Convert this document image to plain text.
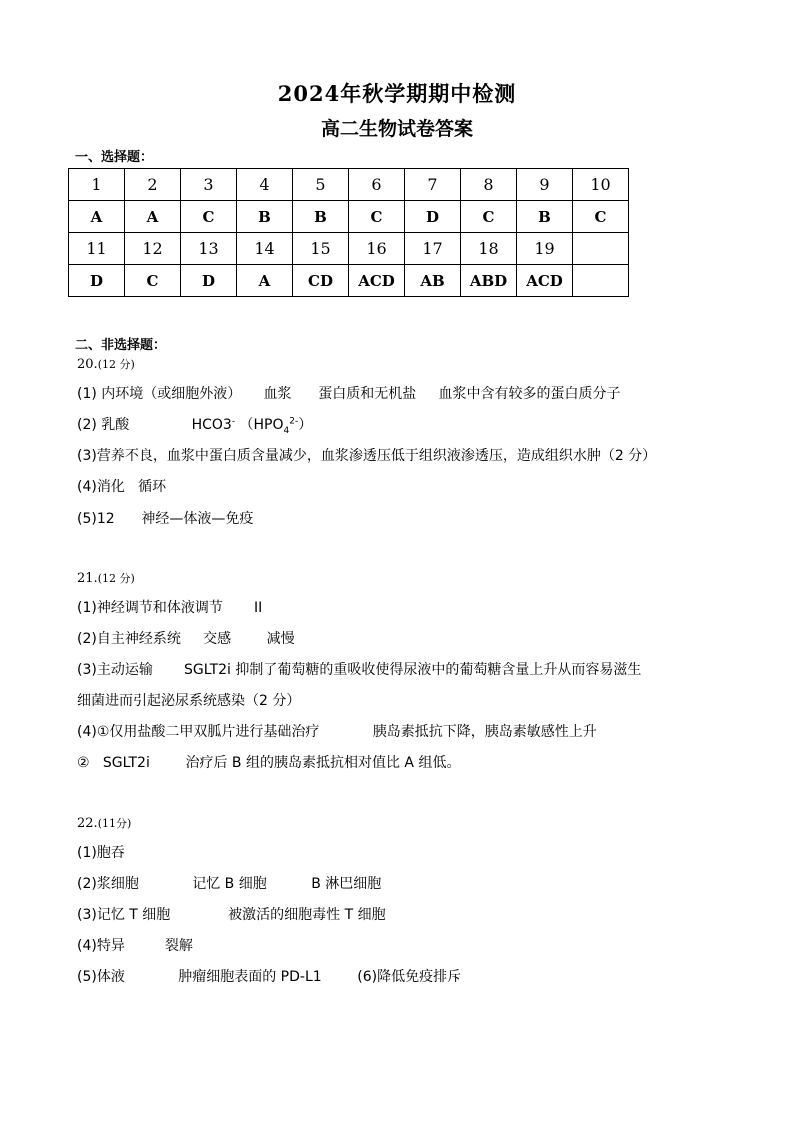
2024年秋学期期中检测
高二生物试卷答案
一、选择题：
1	2	3	4	5	6	7	8	9	10
A	A	C	B	B	C	D	C	B	C
11	12	13	14	15	16	17	18	19	
D	C	D	A	CD	ACD	AB	ABD	ACD	
二、非选择题：
20.(12 分)
(1) 内环境（或细胞外液）     血浆      蛋白质和无机盐     血浆中含有较多的蛋白质分子
(2) 乳酸              HCO3- $(HPO_4^{2-})$
(3)营养不良，血浆中蛋白质含量减少，血浆渗透压低于组织液渗透压，造成组织水肿（2 分）
(4)消化   循环
(5)12      神经—体液—免疫
21.(12 分)
(1)神经调节和体液调节       II
(2)自主神经系统     交感        减慢
(3)主动运输       SGLT2i 抑制了葡萄糖的重吸收使得尿液中的葡萄糖含量上升从而容易滋生
细菌进而引起泌尿系统感染（2 分）
(4)①仅用盐酸二甲双胍片进行基础治疗            胰岛素抵抗下降，胰岛素敏感性上升
②   SGLT2i        治疗后 B 组的胰岛素抵抗相对值比 A 组低。
22.(11分)
(1)胞吞
(2)浆细胞            记忆 B 细胞          B 淋巴细胞
(3)记忆 T 细胞             被激活的细胞毒性 T 细胞
(4)特异         裂解
(5)体液            肿瘤细胞表面的 PD-L1        (6)降低免疫排斥
